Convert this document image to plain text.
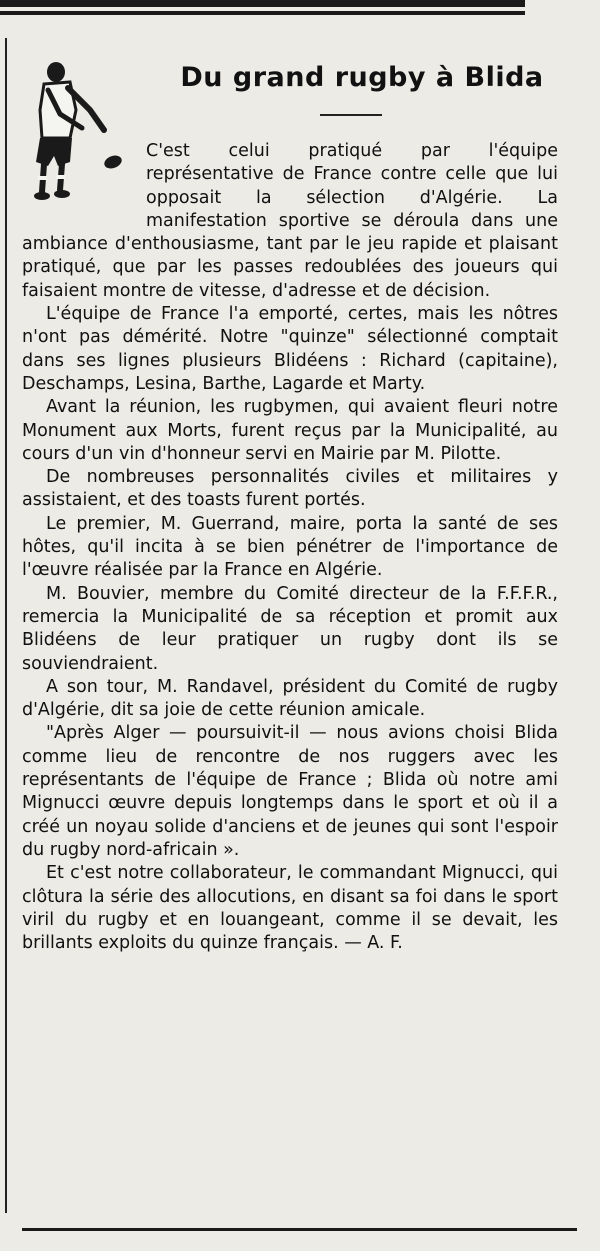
Du grand rugby à Blida

C'est celui pratiqué par l'équipe représentative de France contre celle que lui opposait la sélection d'Algérie. La manifestation sportive se déroula dans une ambiance d'enthousiasme, tant par le jeu rapide et plaisant pratiqué, que par les passes redoublées des joueurs qui faisaient montre de vitesse, d'adresse et de décision.

L'équipe de France l'a emporté, certes, mais les nôtres n'ont pas démérité. Notre "quinze" sélectionné comptait dans ses lignes plusieurs Blidéens : Richard (capitaine), Deschamps, Lesina, Barthe, Lagarde et Marty.

Avant la réunion, les rugbymen, qui avaient fleuri notre Monument aux Morts, furent reçus par la Municipalité, au cours d'un vin d'honneur servi en Mairie par M. Pilotte.

De nombreuses personnalités civiles et militaires y assistaient, et des toasts furent portés.

Le premier, M. Guerrand, maire, porta la santé de ses hôtes, qu'il incita à se bien pénétrer de l'importance de l'œuvre réalisée par la France en Algérie.

M. Bouvier, membre du Comité directeur de la F.F.F.R., remercia la Municipalité de sa réception et promit aux Blidéens de leur pratiquer un rugby dont ils se souviendraient.

A son tour, M. Randavel, président du Comité de rugby d'Algérie, dit sa joie de cette réunion amicale.

"Après Alger — poursuivit-il — nous avions choisi Blida comme lieu de rencontre de nos ruggers avec les représentants de l'équipe de France ; Blida où notre ami Mignucci œuvre depuis longtemps dans le sport et où il a créé un noyau solide d'anciens et de jeunes qui sont l'espoir du rugby nord-africain ».

Et c'est notre collaborateur, le commandant Mignucci, qui clôtura la série des allocutions, en disant sa foi dans le sport viril du rugby et en louangeant, comme il se devait, les brillants exploits du quinze français. — A. F.
